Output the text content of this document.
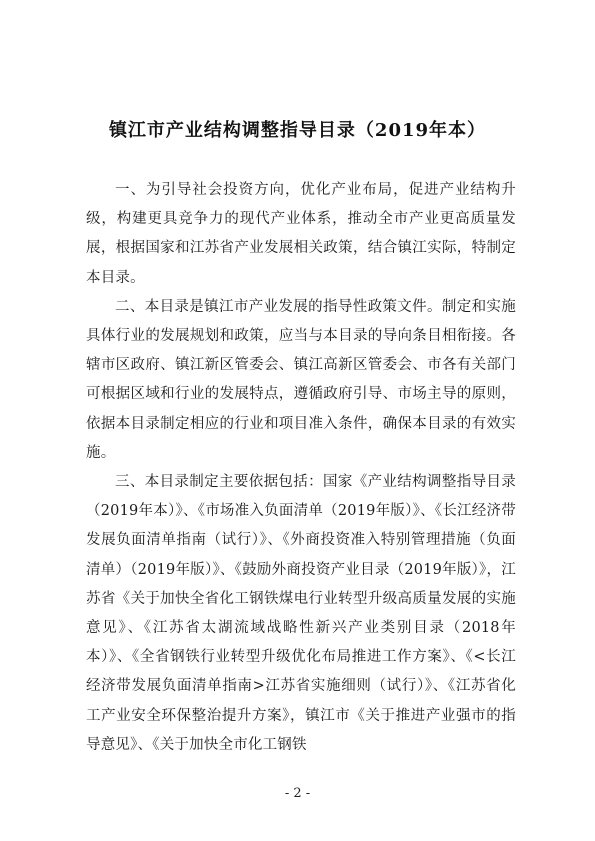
镇江市产业结构调整指导目录（2019年本）

一、为引导社会投资方向，优化产业布局，促进产业结构升级，构建更具竞争力的现代产业体系，推动全市产业更高质量发展，根据国家和江苏省产业发展相关政策，结合镇江实际，特制定本目录。

二、本目录是镇江市产业发展的指导性政策文件。制定和实施具体行业的发展规划和政策，应当与本目录的导向条目相衔接。各辖市区政府、镇江新区管委会、镇江高新区管委会、市各有关部门可根据区域和行业的发展特点，遵循政府引导、市场主导的原则，依据本目录制定相应的行业和项目准入条件，确保本目录的有效实施。

三、本目录制定主要依据包括：国家《产业结构调整指导目录（2019年本）》、《市场准入负面清单（2019年版）》、《长江经济带发展负面清单指南（试行）》、《外商投资准入特别管理措施（负面清单）（2019年版）》、《鼓励外商投资产业目录（2019年版）》，江苏省《关于加快全省化工钢铁煤电行业转型升级高质量发展的实施意见》、《江苏省太湖流域战略性新兴产业类别目录（2018年本）》、《全省钢铁行业转型升级优化布局推进工作方案》、《<长江经济带发展负面清单指南>江苏省实施细则（试行）》、《江苏省化工产业安全环保整治提升方案》，镇江市《关于推进产业强市的指导意见》、《关于加快全市化工钢铁

- 2 -
